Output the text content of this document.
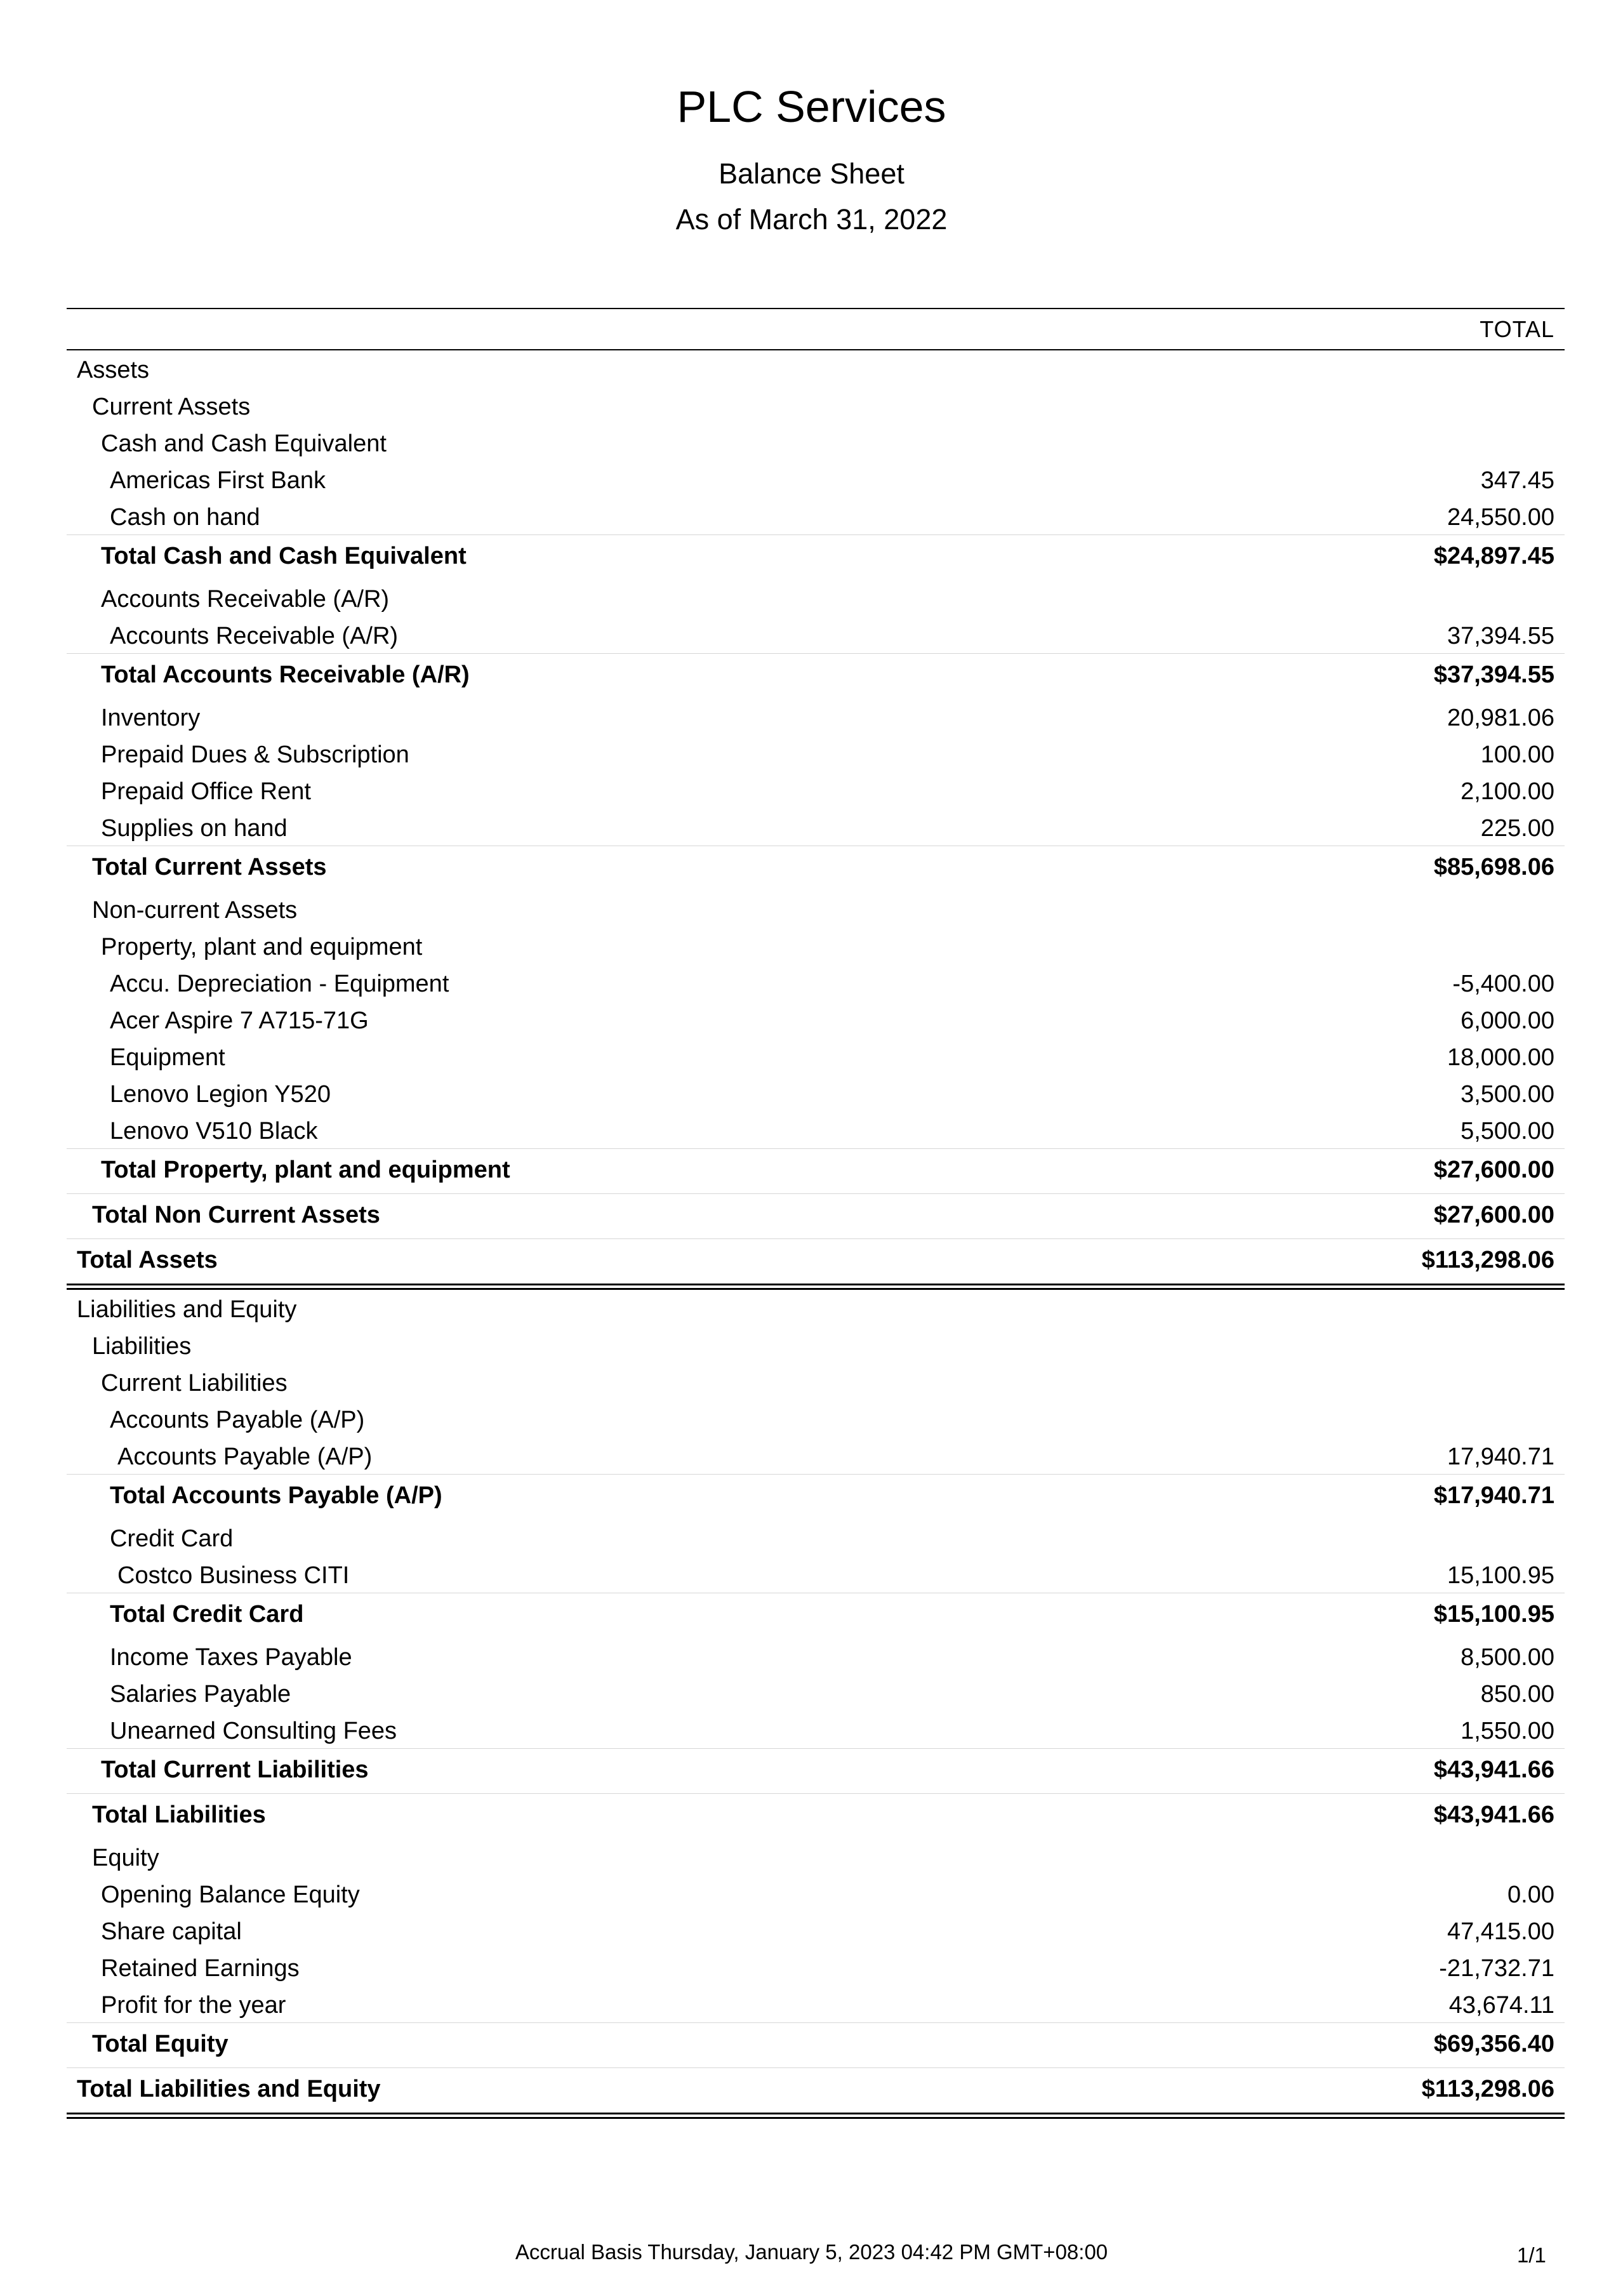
PLC Services
Balance Sheet
As of March 31, 2022
TOTAL
Assets
Current Assets
Cash and Cash Equivalent
Americas First Bank	347.45
Cash on hand	24,550.00
Total Cash and Cash Equivalent	$24,897.45
Accounts Receivable (A/R)
Accounts Receivable (A/R)	37,394.55
Total Accounts Receivable (A/R)	$37,394.55
Inventory	20,981.06
Prepaid Dues & Subscription	100.00
Prepaid Office Rent	2,100.00
Supplies on hand	225.00
Total Current Assets	$85,698.06
Non-current Assets
Property, plant and equipment
Accu. Depreciation - Equipment	-5,400.00
Acer Aspire 7 A715-71G	6,000.00
Equipment	18,000.00
Lenovo Legion Y520	3,500.00
Lenovo V510 Black	5,500.00
Total Property, plant and equipment	$27,600.00
Total Non Current Assets	$27,600.00
Total Assets	$113,298.06
Liabilities and Equity
Liabilities
Current Liabilities
Accounts Payable (A/P)
Accounts Payable (A/P)	17,940.71
Total Accounts Payable (A/P)	$17,940.71
Credit Card
Costco Business CITI	15,100.95
Total Credit Card	$15,100.95
Income Taxes Payable	8,500.00
Salaries Payable	850.00
Unearned Consulting Fees	1,550.00
Total Current Liabilities	$43,941.66
Total Liabilities	$43,941.66
Equity
Opening Balance Equity	0.00
Share capital	47,415.00
Retained Earnings	-21,732.71
Profit for the year	43,674.11
Total Equity	$69,356.40
Total Liabilities and Equity	$113,298.06
Accrual Basis Thursday, January 5, 2023 04:42 PM GMT+08:00	1/1
